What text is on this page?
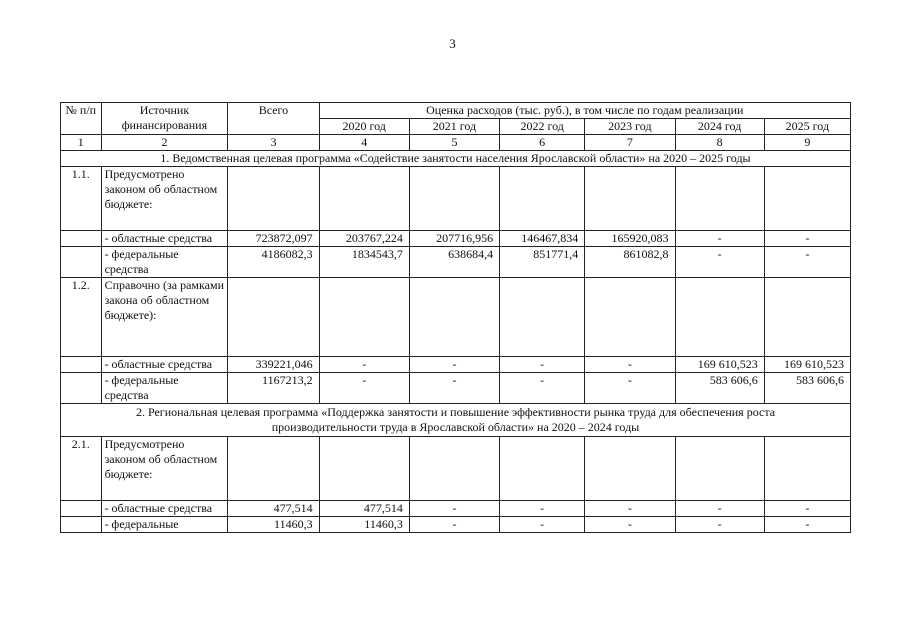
3
№ п/п	Источник финансирования	Всего	Оценка расходов (тыс. руб.), в том числе по годам реализации					
			2020 год	2021 год	2022 год	2023 год	2024 год	2025 год
1	2	3	4	5	6	7	8	9
1. Ведомственная целевая программа «Содействие занятости населения Ярославской области» на 2020 – 2025 годы								
1.1.	Предусмотрено законом об областном бюджете:							
	- областные средства	723872,097	203767,224	207716,956	146467,834	165920,083	-	-
	- федеральные средства	4186082,3	1834543,7	638684,4	851771,4	861082,8	-	-
1.2.	Справочно (за рамками закона об областном бюджете):							
	- областные средства	339221,046	-	-	-	-	169 610,523	169 610,523
	- федеральные средства	1167213,2	-	-	-	-	583 606,6	583 606,6
2. Региональная целевая программа «Поддержка занятости и повышение эффективности рынка труда для обеспечения роста производительности труда в Ярославской области» на 2020 – 2024 годы								
2.1.	Предусмотрено законом об областном бюджете:							
	- областные средства	477,514	477,514	-	-	-	-	-
	- федеральные	11460,3	11460,3	-	-	-	-	-
